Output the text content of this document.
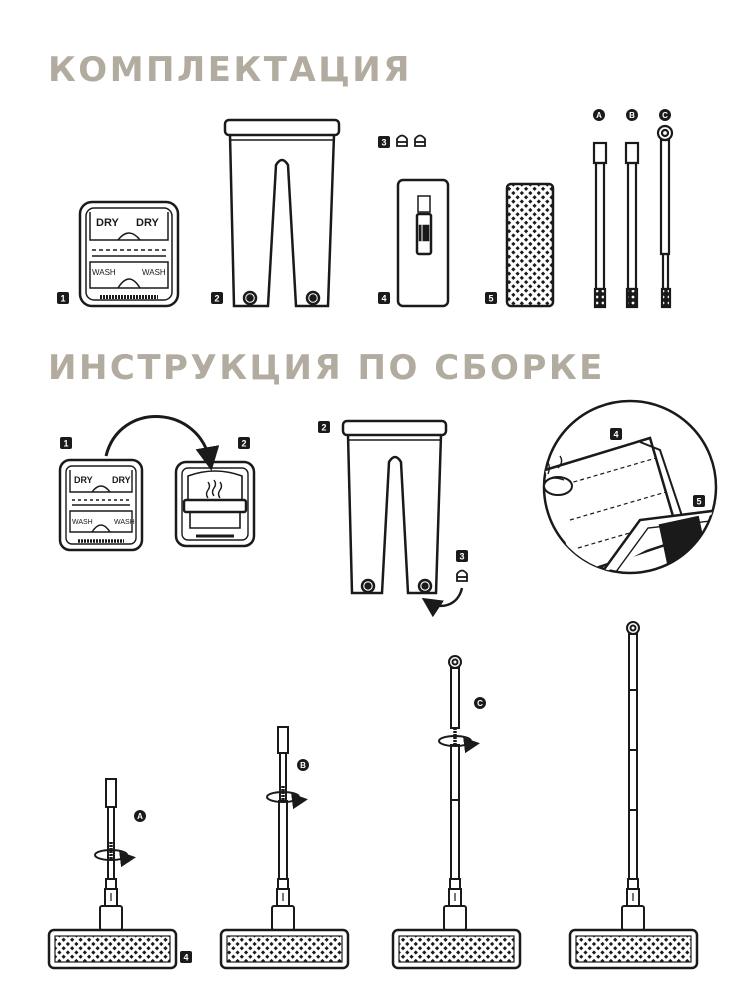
КОМПЛЕКТАЦИЯ
ИНСТРУКЦИЯ ПО СБОРКЕ
DRY DRY
WASH	WASH
1	2
3
4	5
A	B	C
DRY DRY
WASH	WASH
1	2
2
3
4
5
A
4
B
C
